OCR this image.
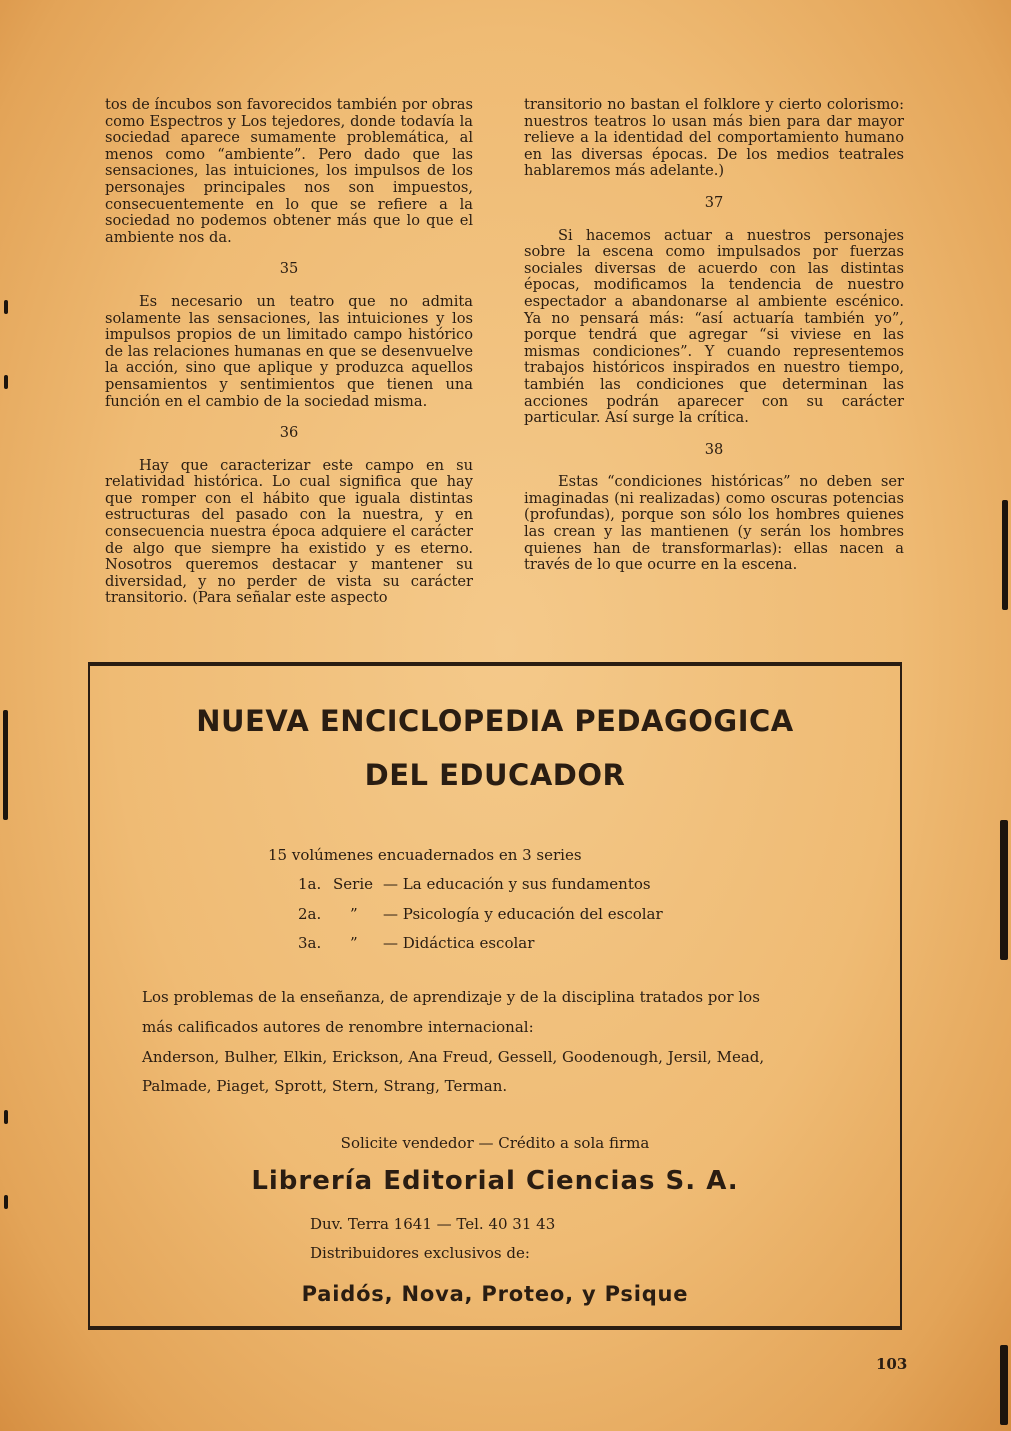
tos de íncubos son favorecidos también por obras como Espectros y Los tejedores, donde todavía la sociedad aparece sumamente problemática, al menos como “ambiente”. Pero dado que las sensaciones, las intuiciones, los impulsos de los personajes principales nos son impuestos, consecuentemente en lo que se refiere a la sociedad no podemos obtener más que lo que el ambiente nos da.

35

Es necesario un teatro que no admita solamente las sensaciones, las intuiciones y los impulsos propios de un limitado campo histórico de las relaciones humanas en que se desenvuelve la acción, sino que aplique y produzca aquellos pensamientos y sentimientos que tienen una función en el cambio de la sociedad misma.

36

Hay que caracterizar este campo en su relatividad histórica. Lo cual significa que hay que romper con el hábito que iguala distintas estructuras del pasado con la nuestra, y en consecuencia nuestra época adquiere el carácter de algo que siempre ha existido y es eterno. Nosotros queremos destacar y mantener su diversidad, y no perder de vista su carácter transitorio. (Para señalar este aspecto

transitorio no bastan el folklore y cierto colorismo: nuestros teatros lo usan más bien para dar mayor relieve a la identidad del comportamiento humano en las diversas épocas. De los medios teatrales hablaremos más adelante.)

37

Si hacemos actuar a nuestros personajes sobre la escena como impulsados por fuerzas sociales diversas de acuerdo con las distintas épocas, modificamos la tendencia de nuestro espectador a abandonarse al ambiente escénico. Ya no pensará más: “así actuaría también yo”, porque tendrá que agregar “si viviese en las mismas condiciones”. Y cuando representemos trabajos históricos inspirados en nuestro tiempo, también las condiciones que determinan las acciones podrán aparecer con su carácter particular. Así surge la crítica.

38

Estas “condiciones históricas” no deben ser imaginadas (ni realizadas) como oscuras potencias (profundas), porque son sólo los hombres quienes las crean y las mantienen (y serán los hombres quienes han de transformarlas): ellas nacen a través de lo que ocurre en la escena.

NUEVA ENCICLOPEDIA PEDAGOGICA
DEL EDUCADOR
15 volúmenes encuadernados en 3 series
1a. Serie — La educación y sus fundamentos
2a. ” — Psicología y educación del escolar
3a. ” — Didáctica escolar
Los problemas de la enseñanza, de aprendizaje y de la disciplina tratados por los
más calificados autores de renombre internacional:
Anderson, Bulher, Elkin, Erickson, Ana Freud, Gessell, Goodenough, Jersil, Mead,
Palmade, Piaget, Sprott, Stern, Strang, Terman.
Solicite vendedor — Crédito a sola firma
Librería Editorial Ciencias S. A.
Duv. Terra 1641 — Tel. 40 31 43
Distribuidores exclusivos de:
Paidós, Nova, Proteo, y Psique
103
